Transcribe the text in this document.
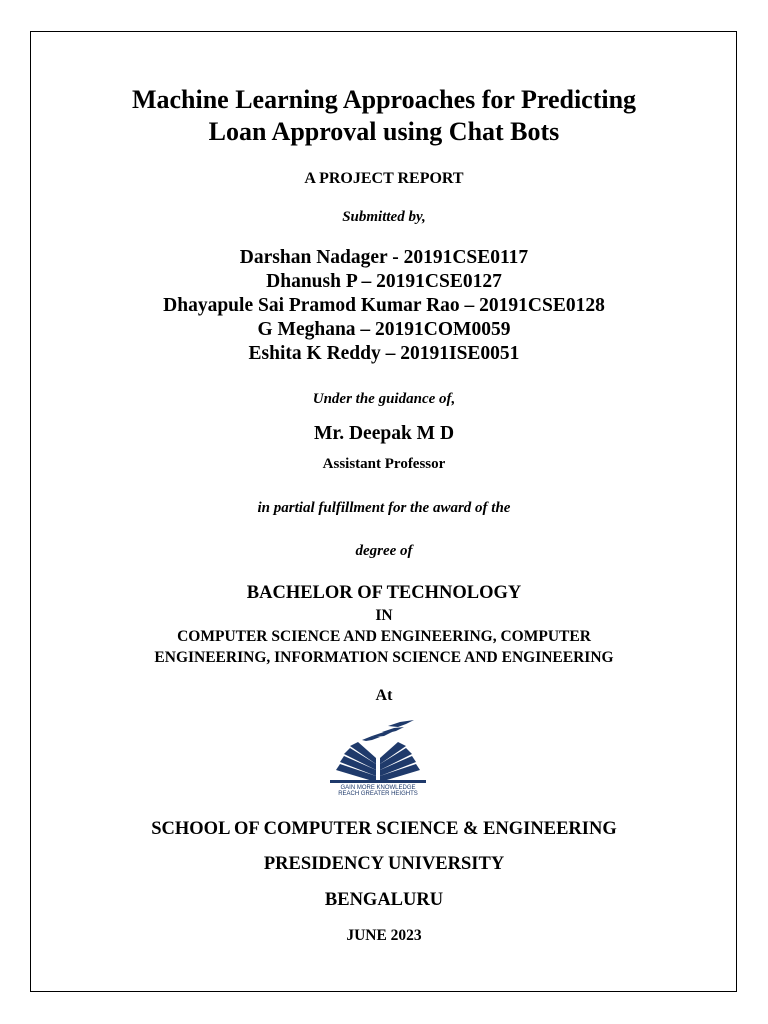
Machine Learning Approaches for Predicting
Loan Approval using Chat Bots
A PROJECT REPORT
Submitted by,
Darshan Nadager - 20191CSE0117
Dhanush P – 20191CSE0127
Dhayapule Sai Pramod Kumar Rao – 20191CSE0128
G Meghana – 20191COM0059
Eshita K Reddy – 20191ISE0051
Under the guidance of,
Mr. Deepak M D
Assistant Professor
in partial fulfillment for the award of the
degree of
BACHELOR OF TECHNOLOGY
IN
COMPUTER SCIENCE AND ENGINEERING, COMPUTER
ENGINEERING, INFORMATION SCIENCE AND ENGINEERING
At
GAIN MORE KNOWLEDGE
REACH GREATER HEIGHTS
SCHOOL OF COMPUTER SCIENCE & ENGINEERING
PRESIDENCY UNIVERSITY
BENGALURU
JUNE 2023
